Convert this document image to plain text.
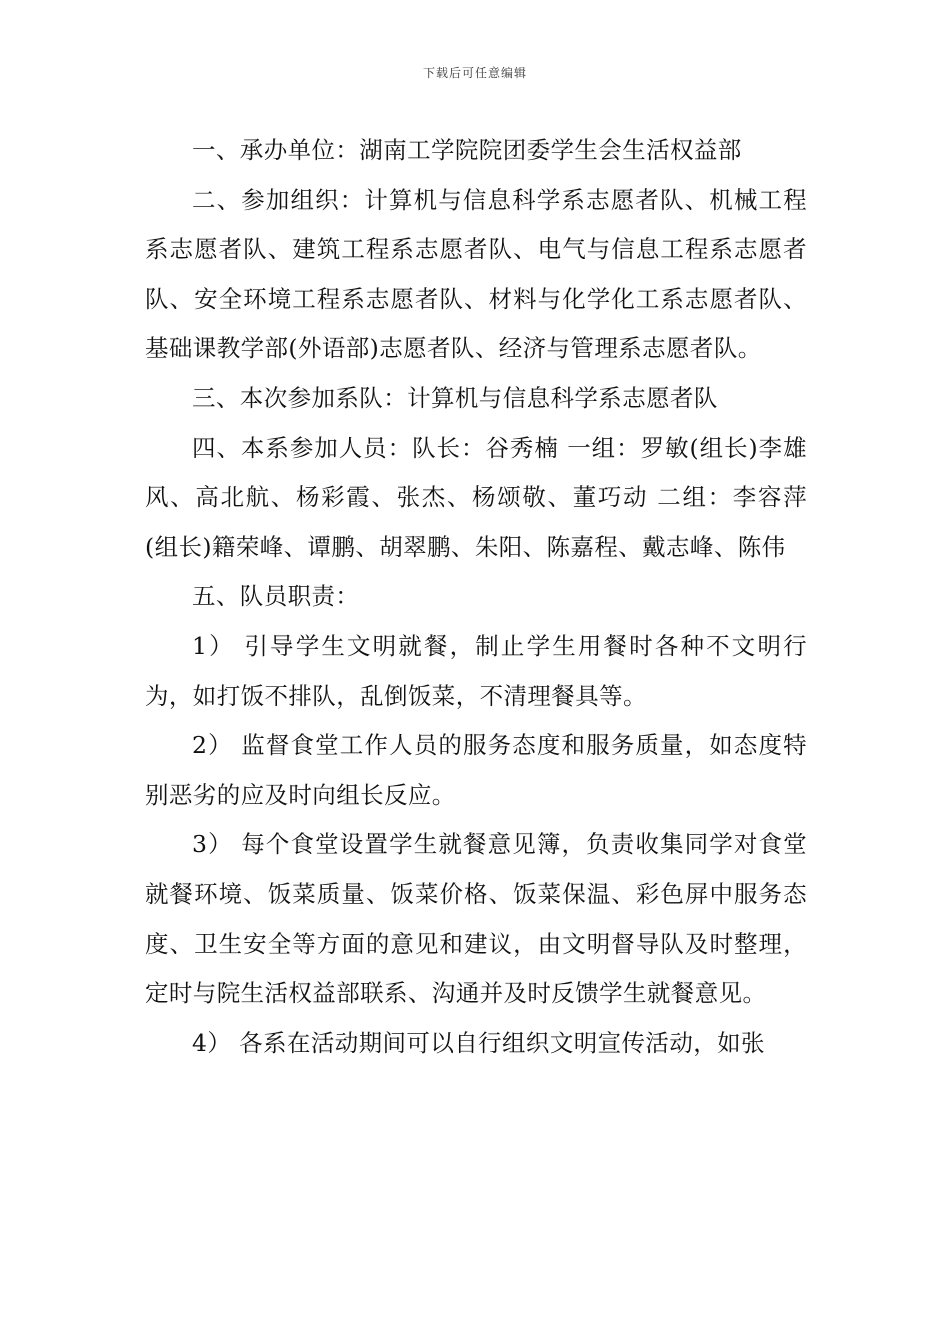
下载后可任意编辑

一、承办单位：湖南工学院院团委学生会生活权益部

二、参加组织：计算机与信息科学系志愿者队、机械工程系志愿者队、建筑工程系志愿者队、电气与信息工程系志愿者队、安全环境工程系志愿者队、材料与化学化工系志愿者队、基础课教学部(外语部)志愿者队、经济与管理系志愿者队。

三、本次参加系队：计算机与信息科学系志愿者队

四、本系参加人员：队长：谷秀楠 一组：罗敏(组长)李雄风、高北航、杨彩霞、张杰、杨颂敬、董巧动 二组：李容萍(组长)籍荣峰、谭鹏、胡翠鹏、朱阳、陈嘉程、戴志峰、陈伟

五、队员职责：

1） 引导学生文明就餐，制止学生用餐时各种不文明行为，如打饭不排队，乱倒饭菜，不清理餐具等。

2） 监督食堂工作人员的服务态度和服务质量，如态度特别恶劣的应及时向组长反应。

3） 每个食堂设置学生就餐意见簿，负责收集同学对食堂就餐环境、饭菜质量、饭菜价格、饭菜保温、彩色屏中服务态度、卫生安全等方面的意见和建议，由文明督导队及时整理，定时与院生活权益部联系、沟通并及时反馈学生就餐意见。

4） 各系在活动期间可以自行组织文明宣传活动，如张
